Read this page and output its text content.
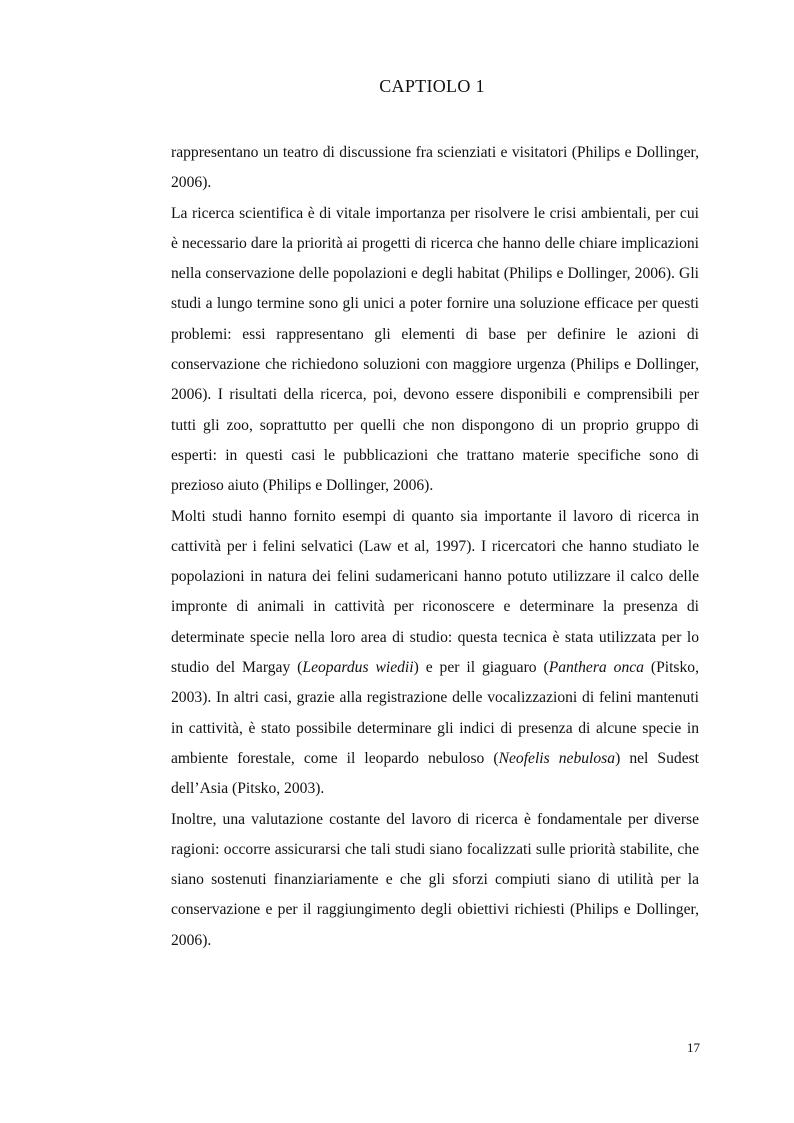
CAPTIOLO 1

rappresentano un teatro di discussione fra scienziati e visitatori (Philips e Dollinger, 2006).

La ricerca scientifica è di vitale importanza per risolvere le crisi ambientali, per cui è necessario dare la priorità ai progetti di ricerca che hanno delle chiare implicazioni nella conservazione delle popolazioni e degli habitat (Philips e Dollinger, 2006). Gli studi a lungo termine sono gli unici a poter fornire una soluzione efficace per questi problemi: essi rappresentano gli elementi di base per definire le azioni di conservazione che richiedono soluzioni con maggiore urgenza (Philips e Dollinger, 2006). I risultati della ricerca, poi, devono essere disponibili e comprensibili per tutti gli zoo, soprattutto per quelli che non dispongono di un proprio gruppo di esperti: in questi casi le pubblicazioni che trattano materie specifiche sono di prezioso aiuto (Philips e Dollinger, 2006).

Molti studi hanno fornito esempi di quanto sia importante il lavoro di ricerca in cattività per i felini selvatici (Law et al, 1997). I ricercatori che hanno studiato le popolazioni in natura dei felini sudamericani hanno potuto utilizzare il calco delle impronte di animali in cattività per riconoscere e determinare la presenza di determinate specie nella loro area di studio: questa tecnica è stata utilizzata per lo studio del Margay (Leopardus wiedii) e per il giaguaro (Panthera onca (Pitsko, 2003). In altri casi, grazie alla registrazione delle vocalizzazioni di felini mantenuti in cattività, è stato possibile determinare gli indici di presenza di alcune specie in ambiente forestale, come il leopardo nebuloso (Neofelis nebulosa) nel Sudest dell’Asia (Pitsko, 2003).

Inoltre, una valutazione costante del lavoro di ricerca è fondamentale per diverse ragioni: occorre assicurarsi che tali studi siano focalizzati sulle priorità stabilite, che siano sostenuti finanziariamente e che gli sforzi compiuti siano di utilità per la conservazione e per il raggiungimento degli obiettivi richiesti (Philips e Dollinger, 2006).

17
